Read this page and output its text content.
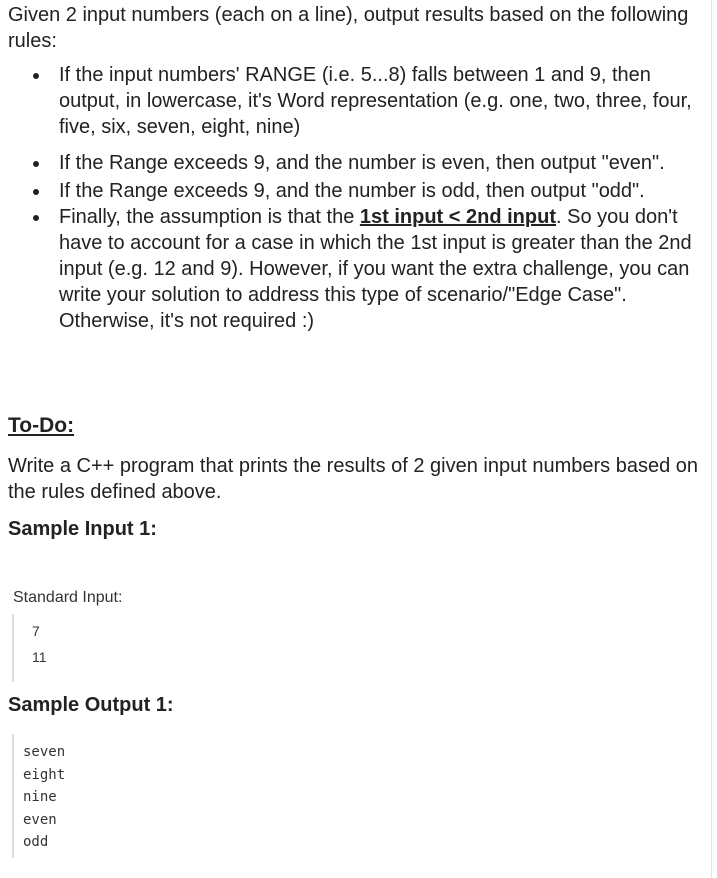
Given 2 input numbers (each on a line), output results based on the following rules:
If the input numbers' RANGE (i.e. 5...8) falls between 1 and 9, then output, in lowercase, it's Word representation (e.g. one, two, three, four, five, six, seven, eight, nine)
If the Range exceeds 9, and the number is even, then output "even".
If the Range exceeds 9, and the number is odd, then output "odd".
Finally, the assumption is that the 1st input < 2nd input. So you don't have to account for a case in which the 1st input is greater than the 2nd input (e.g. 12 and 9). However, if you want the extra challenge, you can write your solution to address this type of scenario/"Edge Case". Otherwise, it's not required :)
To-Do:
Write a C++ program that prints the results of 2 given input numbers based on the rules defined above.
Sample Input 1:
Standard Input:
7
11
Sample Output 1:
seven
eight
nine
even
odd
